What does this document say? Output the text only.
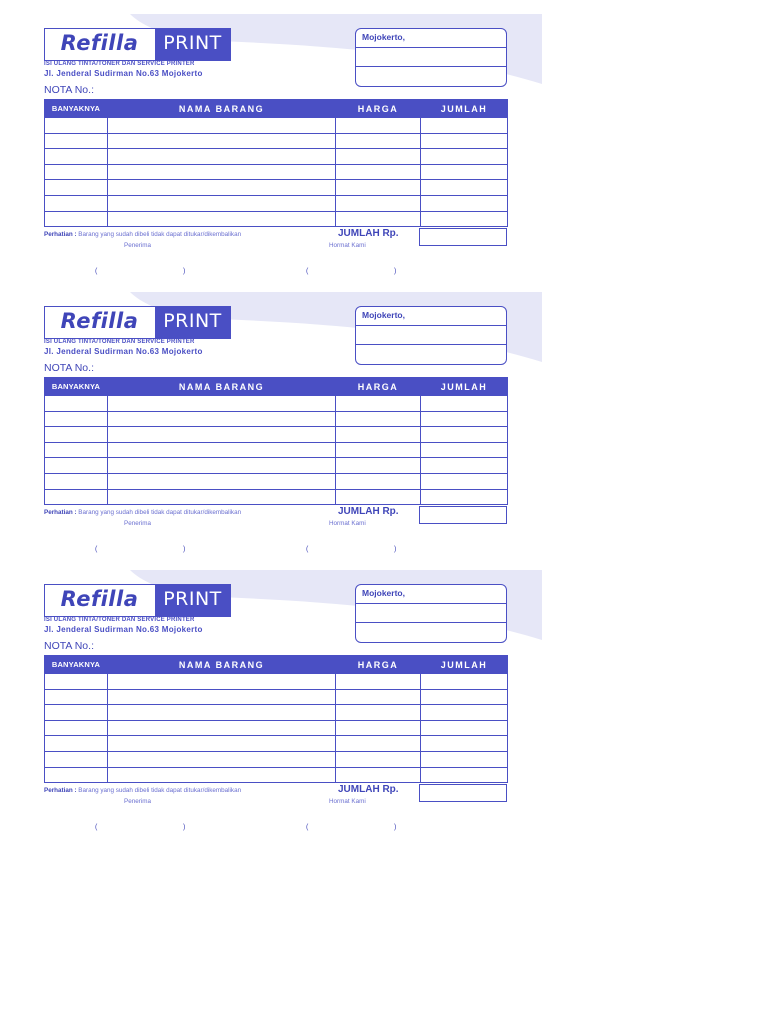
Refilla	PRINT
ISI ULANG TINTA/TONER DAN SERVICE PRINTER
Jl. Jenderal Sudirman No.63 Mojokerto
NOTA No.:
Mojokerto,
BANYAKNYA	NAMA BARANG	HARGA	JUMLAH

JUMLAH Rp.
Perhatian : Barang yang sudah dibeli tidak dapat ditukar/dikembalikan
Penerima	Hormat Kami
(	)	(	)
Refilla	PRINT
ISI ULANG TINTA/TONER DAN SERVICE PRINTER
Jl. Jenderal Sudirman No.63 Mojokerto
NOTA No.:
Mojokerto,
BANYAKNYA	NAMA BARANG	HARGA	JUMLAH

JUMLAH Rp.
Perhatian : Barang yang sudah dibeli tidak dapat ditukar/dikembalikan
Penerima	Hormat Kami
(	)	(	)
Refilla	PRINT
ISI ULANG TINTA/TONER DAN SERVICE PRINTER
Jl. Jenderal Sudirman No.63 Mojokerto
NOTA No.:
Mojokerto,
BANYAKNYA	NAMA BARANG	HARGA	JUMLAH

JUMLAH Rp.
Perhatian : Barang yang sudah dibeli tidak dapat ditukar/dikembalikan
Penerima	Hormat Kami
(	)	(	)
